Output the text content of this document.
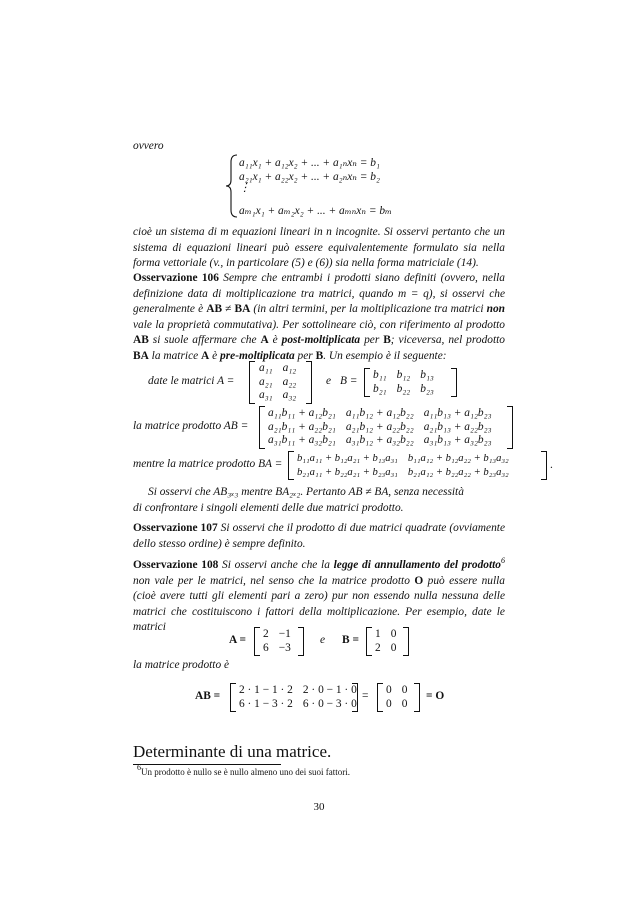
ovvero
a₁₁x₁ + a₁₂x₂ + ... + a₁ₙxₙ = b₁
a₂₁x₁ + a₂₂x₂ + ... + a₂ₙxₙ = b₂
⋮
aₘ₁x₁ + aₘ₂x₂ + ... + aₘₙxₙ = bₘ
cioè un sistema di m equazioni lineari in n incognite. Si osservi pertanto che un sistema di equazioni lineari può essere equivalentemente formulato sia nella forma vettoriale (v., in particolare (5) e (6)) sia nella forma matriciale (14).
Osservazione 106 Sempre che entrambi i prodotti siano definiti (ovvero, nella definizione data di moltiplicazione tra matrici, quando m = q), si osservi che generalmente è AB ≠ BA (in altri termini, per la moltiplicazione tra matrici non vale la proprietà commutativa). Per sottolineare ciò, con riferimento al prodotto AB si suole affermare che A è post-moltiplicata per B; viceversa, nel prodotto BA la matrice A è pre-moltiplicata per B. Un esempio è il seguente:
date le matrici A =
a₁₁	a₁₂
a₂₁	a₂₂
a₃₁	a₃₂
e B = b₁₁	b₁₂	b₁₃
b₂₁	b₂₂	b₂₃
la matrice prodotto AB =
a₁₁b₁₁ + a₁₂b₂₁	a₁₁b₁₂ + a₁₂b₂₂	a₁₁b₁₃ + a₁₂b₂₃
a₂₁b₁₁ + a₂₂b₂₁	a₂₁b₁₂ + a₂₂b₂₂	a₂₁b₁₃ + a₂₂b₂₃
a₃₁b₁₁ + a₃₂b₂₁	a₃₁b₁₂ + a₃₂b₂₂	a₃₁b₁₃ + a₃₂b₂₃
mentre la matrice prodotto BA = b₁₁a₁₁ + b₁₂a₂₁ + b₁₃a₃₁	b₁₁a₁₂ + b₁₂a₂₂ + b₁₃a₃₂
b₂₁a₁₁ + b₂₂a₂₁ + b₂₃a₃₁	b₂₁a₁₂ + b₂₂a₂₂ + b₂₃a₃₂
.
Si osservi che AB₃ₓ₃ mentre BA₂ₓ₂. Pertanto AB ≠ BA, senza necessità
di confrontare i singoli elementi delle due matrici prodotto.
Osservazione 107 Si osservi che il prodotto di due matrici quadrate (ovviamente dello stesso ordine) è sempre definito.
Osservazione 108 Si osservi anche che la legge di annullamento del prodotto$^6$ non vale per le matrici, nel senso che la matrice prodotto O può essere nulla (cioè avere tutti gli elementi pari a zero) pur non essendo nulla nessuna delle matrici che costituiscono i fattori della moltiplicazione. Per esempio, date le matrici
A = 2	−1
6	−3
e B = 1	0
2	0
la matrice prodotto è
AB = 2 · 1 − 1 · 2	2 · 0 − 1 · 0
6 · 1 − 3 · 2	6 · 0 − 3 · 0
= 0	0
0	0
= O
Determinante di una matrice.
$^6$Un prodotto è nullo se è nullo almeno uno dei suoi fattori.
30
